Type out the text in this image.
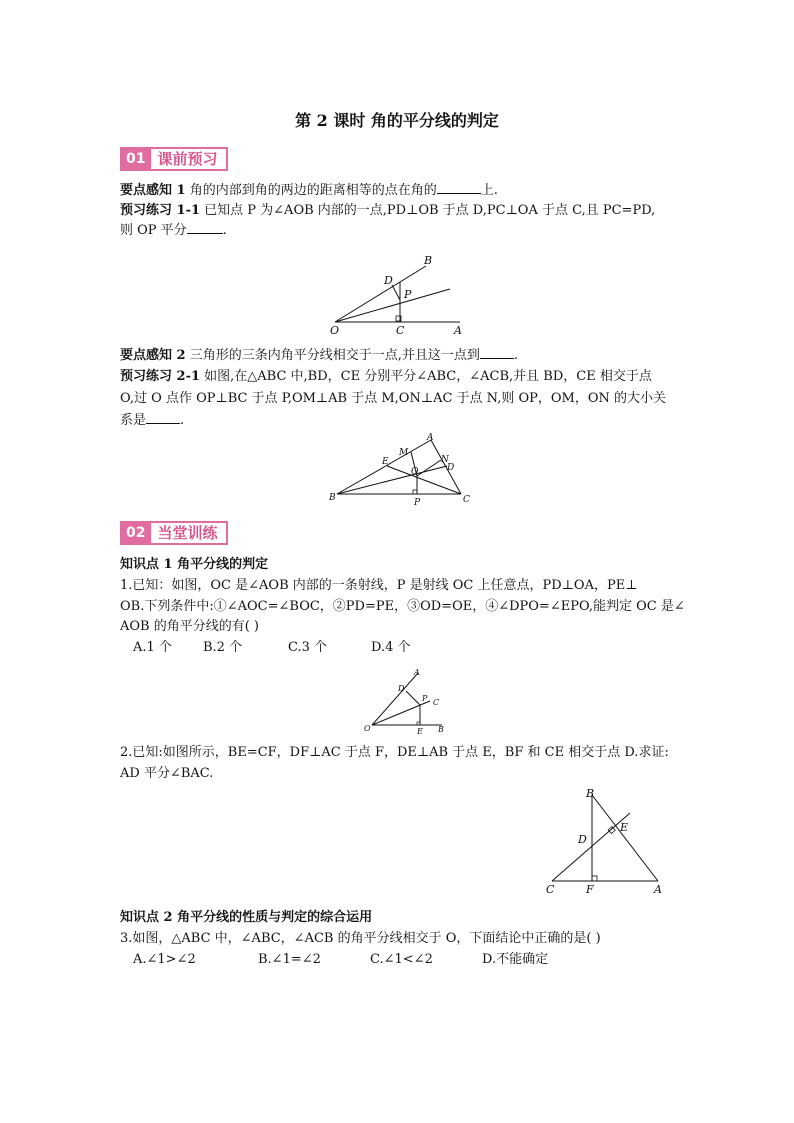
第 2 课时 角的平分线的判定
01 课前预习
要点感知 1 角的内部到角的两边的距离相等的点在角的	上.
预习练习 1-1 已知点 P 为∠AOB 内部的一点,PD⊥OB 于点 D,PC⊥OA 于点 C,且 PC=PD,
则 OP 平分	.
B
D
P
O	C	A
要点感知 2 三角形的三条内角平分线相交于一点,并且这一点到	.
预习练习 2-1 如图,在△ABC 中,BD，CE 分别平分∠ABC，∠ACB,并且 BD，CE 相交于点
O,过 O 点作 OP⊥BC 于点 P,OM⊥AB 于点 M,ON⊥AC 于点 N,则 OP，OM，ON 的大小关
系是	.
A
M
E	N
O	D
B	P	C
02 当堂训练
知识点 1 角平分线的判定
1.已知：如图，OC 是∠AOB 内部的一条射线，P 是射线 OC 上任意点，PD⊥OA，PE⊥
OB.下列条件中:①∠AOC=∠BOC，②PD=PE，③OD=OE，④∠DPO=∠EPO,能判定 OC 是∠
AOB 的角平分线的有( )
A.1 个 B.2 个	C.3 个	D.4 个
A
D
P C
O	E B
2.已知:如图所示，BE=CF，DF⊥AC 于点 F，DE⊥AB 于点 E，BF 和 CE 相交于点 D.求证:
AD 平分∠BAC.
B
E
D
C	F	A
知识点 2 角平分线的性质与判定的综合运用
3.如图，△ABC 中，∠ABC，∠ACB 的角平分线相交于 O，下面结论中正确的是( )
A.∠1>∠2	B.∠1=∠2	C.∠1<∠2	D.不能确定
